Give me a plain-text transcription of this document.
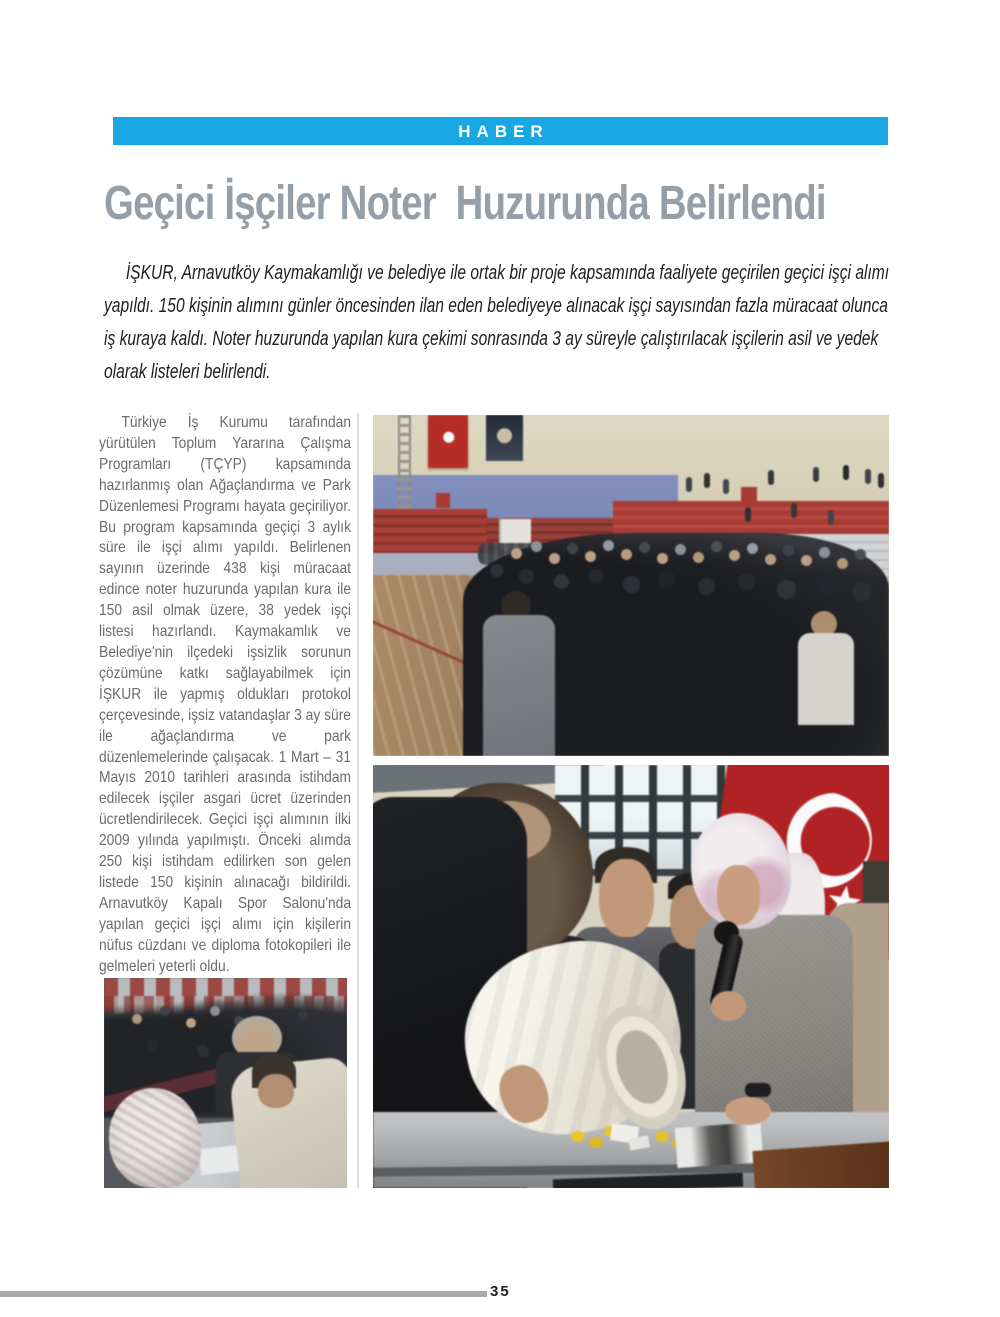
HABER
Geçici İşçiler Noter  Huzurunda Belirlendi

İŞKUR, Arnavutköy Kaymakamlığı ve belediye ile ortak bir proje kapsamında faaliyete geçirilen geçici işçi alımı yapıldı. 150 kişinin alımını günler öncesinden ilan eden belediyeye alınacak işçi sayısından fazla müracaat olunca iş kuraya kaldı. Noter huzurunda yapılan kura çekimi sonrasında 3 ay süreyle çalıştırılacak işçilerin asil ve yedek olarak listeleri belirlendi.

Türkiye İş Kurumu tarafından yürütülen Toplum Yararına Çalışma Programları (TÇYP) kapsamında hazırlanmış olan Ağaçlandırma ve Park Düzenlemesi Programı hayata geçiriliyor. Bu program kapsamında geçiçi 3 aylık süre ile işçi alımı yapıldı. Belirlenen sayının üzerinde 438 kişi müracaat edince noter huzurunda yapılan kura ile 150 asil olmak üzere, 38 yedek işçi listesi hazırlandı. Kaymakamlık ve Belediye'nin ilçedeki işsizlik sorunun çözümüne katkı sağlayabilmek için İŞKUR ile yapmış oldukları protokol çerçevesinde, işsiz vatandaşlar 3 ay süre ile ağaçlandırma ve park düzenlemelerinde çalışacak. 1 Mart – 31 Mayıs 2010 tarihleri arasında istihdam edilecek işçiler asgari ücret üzerinden ücretlendirilecek. Geçici işçi alımının ilki 2009 yılında yapılmıştı. Önceki alımda 250 kişi istihdam edilirken son gelen listede 150 kişinin alınacağı bildirildi. Arnavutköy Kapalı Spor Salonu'nda yapılan geçici işçi alımı için kişilerin nüfus cüzdanı ve diploma fotokopileri ile gelmeleri yeterli oldu.

35
